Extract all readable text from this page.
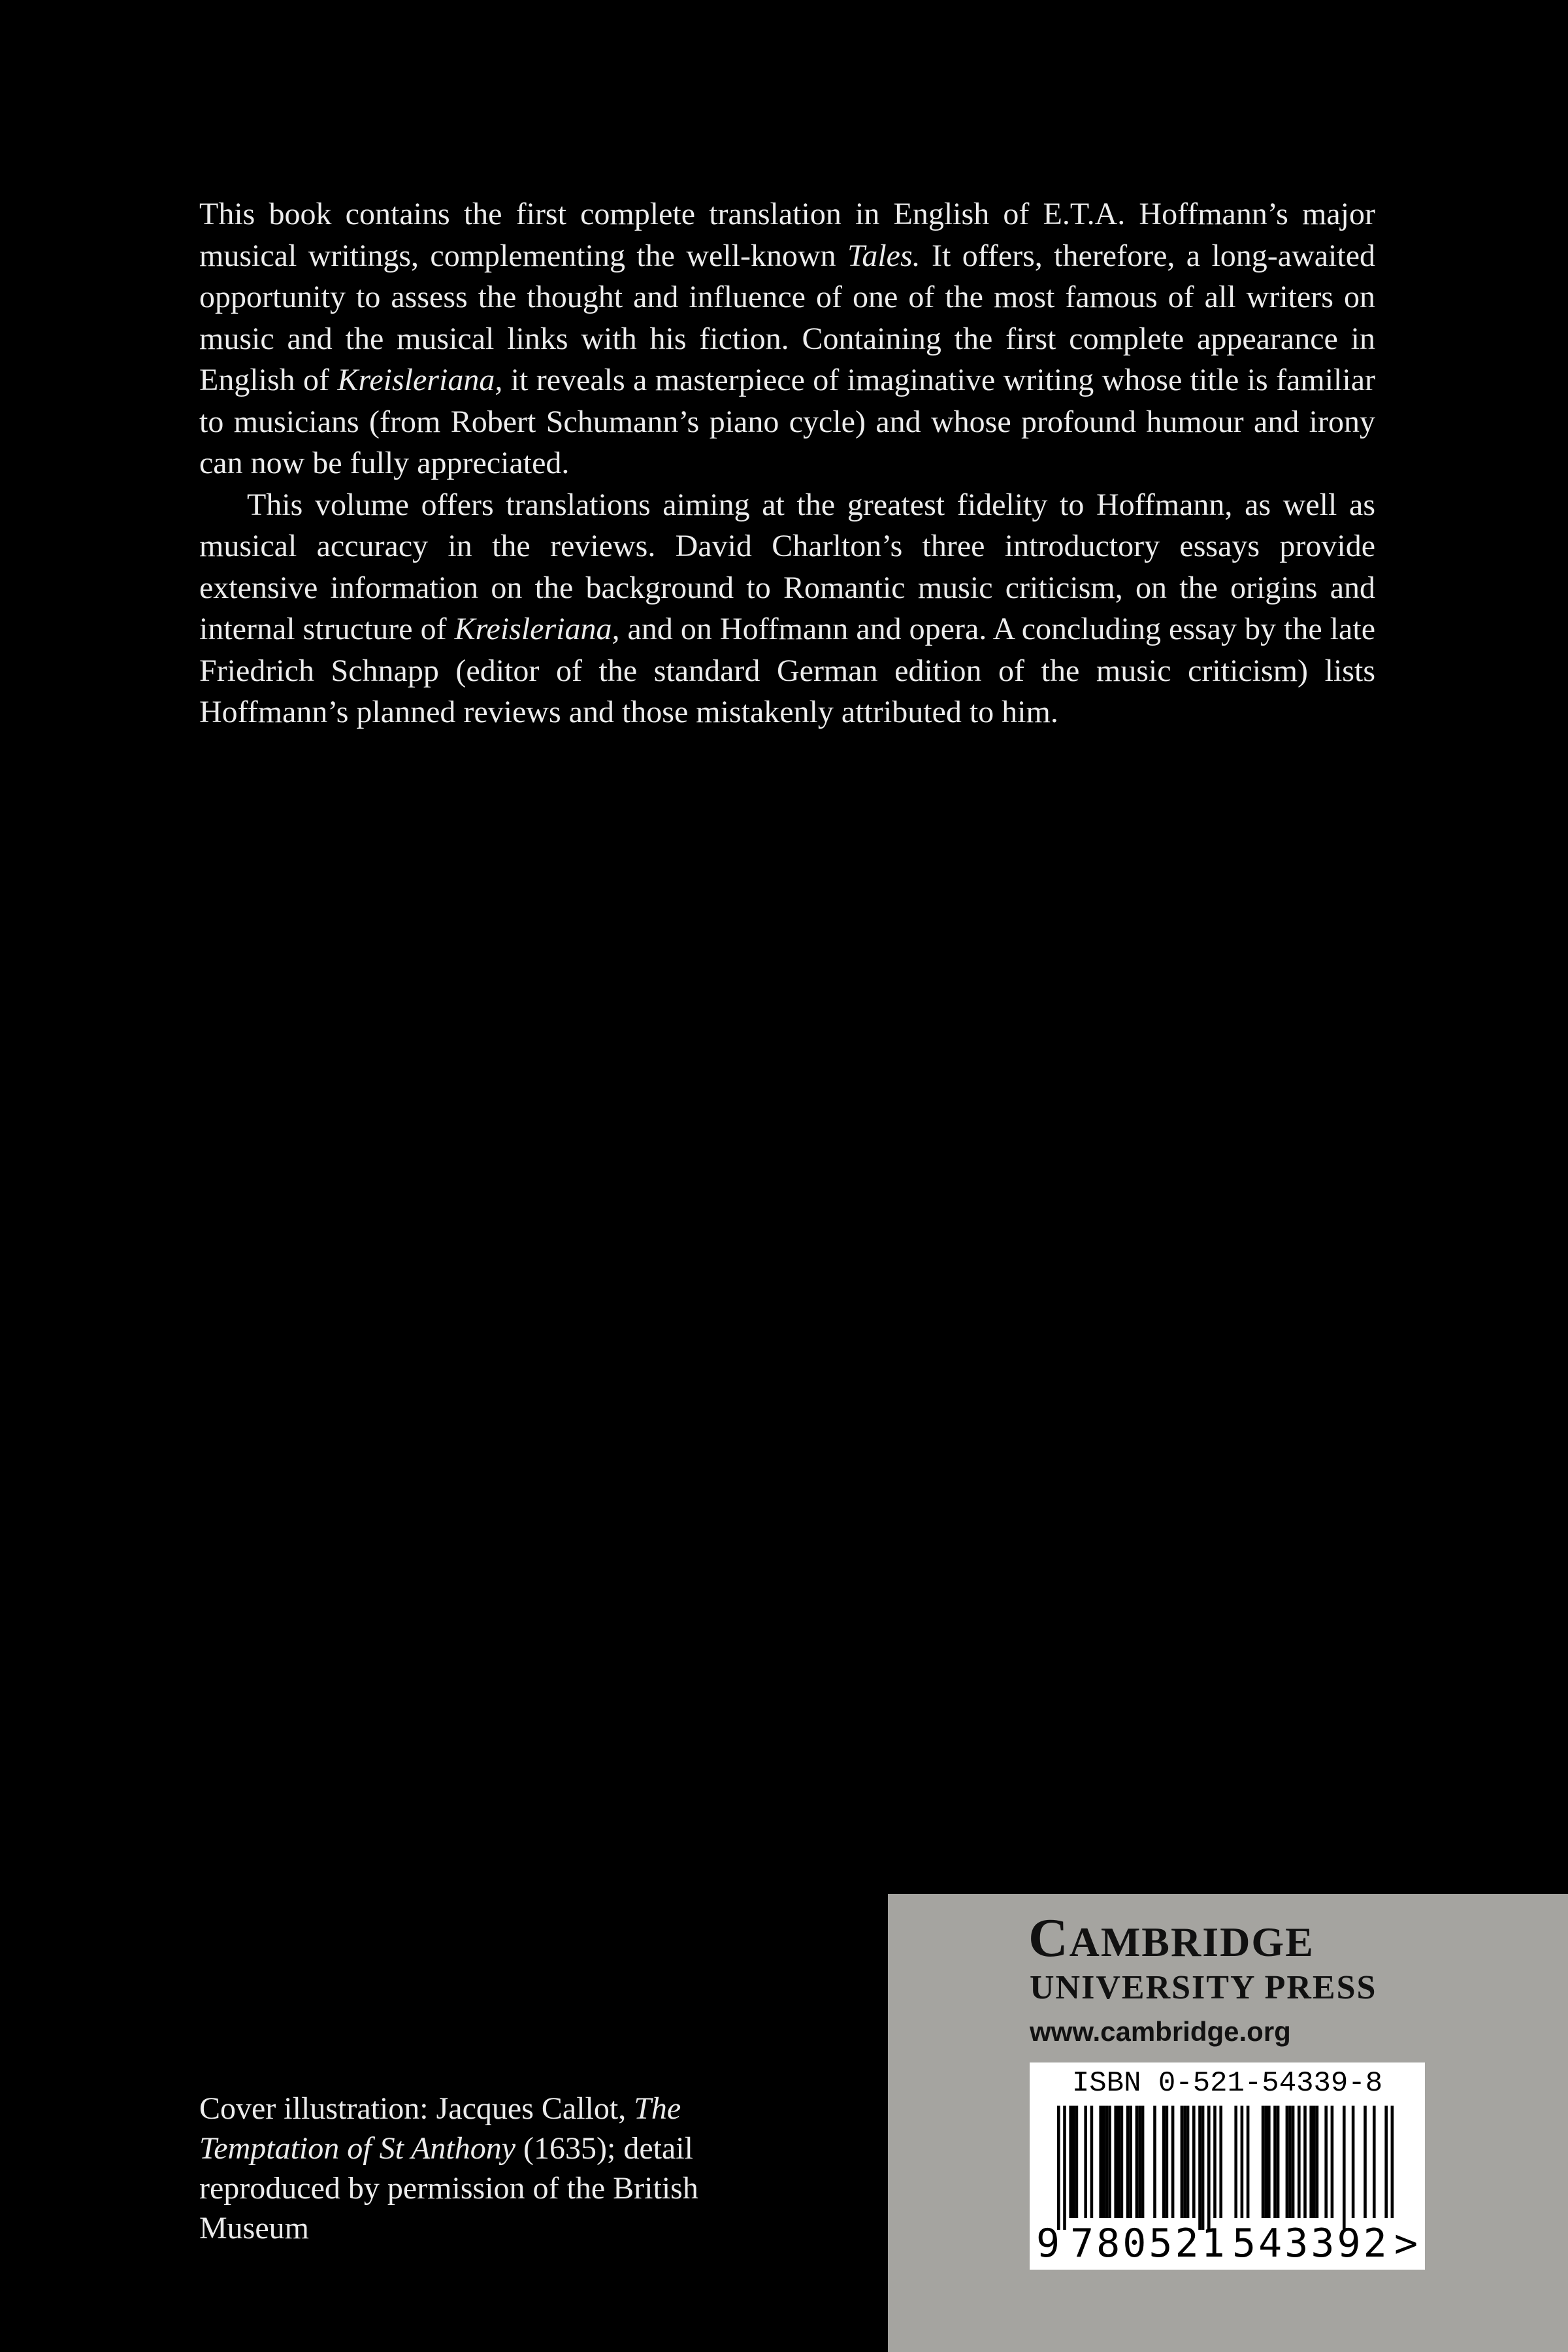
This book contains the first complete translation in English of E.T.A. Hoffmann’s major musical writings, complementing the well-known Tales. It offers, therefore, a long-awaited opportunity to assess the thought and influence of one of the most famous of all writers on music and the musical links with his fiction. Containing the first complete appearance in English of Kreisleriana, it reveals a masterpiece of imaginative writing whose title is familiar to musicians (from Robert Schumann’s piano cycle) and whose profound humour and irony can now be fully appreciated.

This volume offers translations aiming at the greatest fidelity to Hoffmann, as well as musical accuracy in the reviews. David Charlton’s three introductory essays provide extensive information on the background to Romantic music criticism, on the origins and internal structure of Kreisleriana, and on Hoffmann and opera. A concluding essay by the late Friedrich Schnapp (editor of the standard German edition of the music criticism) lists Hoffmann’s planned reviews and those mistakenly attributed to him.

Cover illustration: Jacques Callot, The Temptation of St Anthony (1635); detail reproduced by permission of the British Museum
CAMBRIDGE
UNIVERSITY PRESS
www.cambridge.org
ISBN 0-521-54339-8
9 780521 543392 >
